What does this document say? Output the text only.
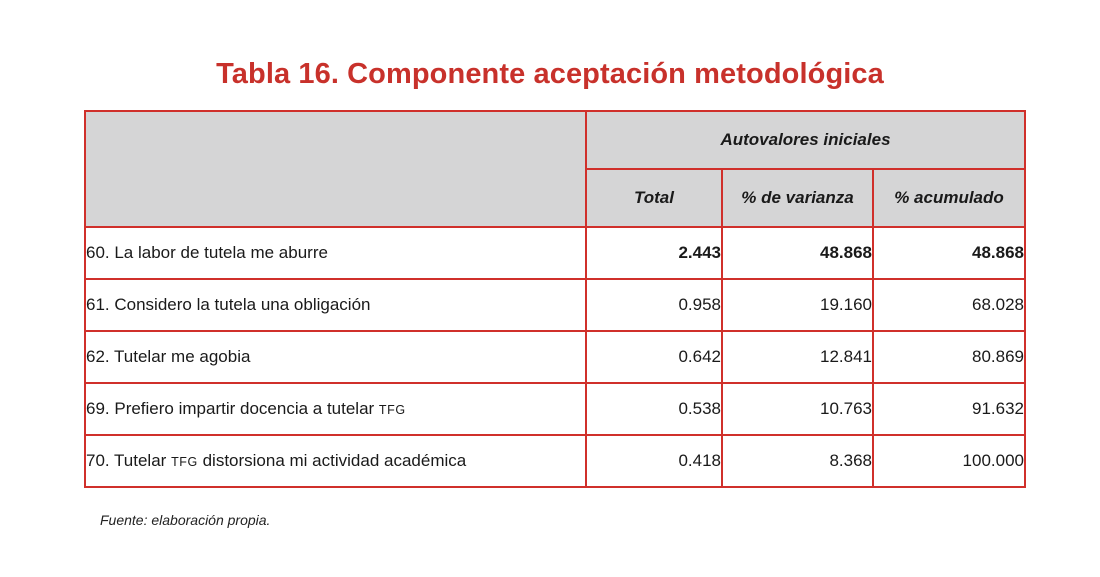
Tabla 16. Componente aceptación metodológica
	Autovalores iniciales		
	Total	% de varianza	% acumulado
60. La labor de tutela me aburre	2.443	48.868	48.868
61. Considero la tutela una obligación	0.958	19.160	68.028
62. Tutelar me agobia	0.642	12.841	80.869
69. Prefiero impartir docencia a tutelar TFG	0.538	10.763	91.632
70. Tutelar TFG distorsiona mi actividad académica	0.418	8.368	100.000
Fuente: elaboración propia.
